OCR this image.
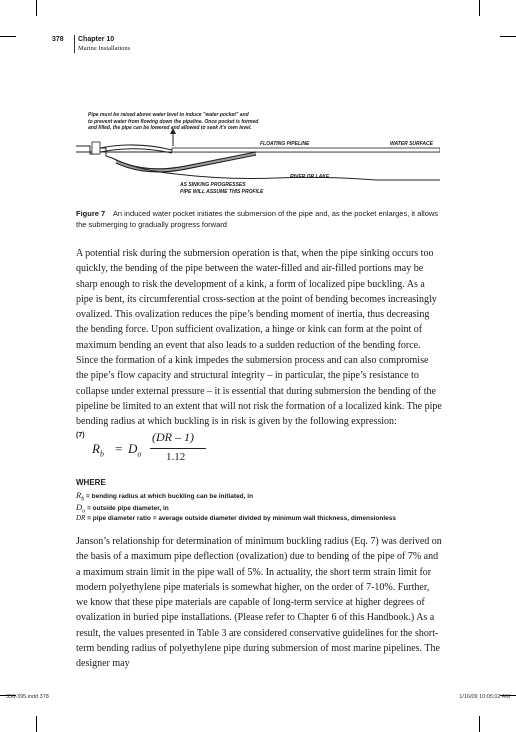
378 Chapter 10
Marine Installations
Pipe must be raised above water level to induce "water pocket" and
to prevent water from flowing down the pipeline. Once pocket is formed
and filled, the pipe can be lowered and allowed to seek it's own level.
FLOATING PIPELINE	WATER SURFACE
RIVER OR LAKE
AS SINKING PROGRESSES
PIPE WILL ASSUME THIS PROFILE
Figure 7 An induced water pocket initiates the submersion of the pipe and, as the pocket enlarges, it allows the submerging to gradually progress forward

A potential risk during the submersion operation is that, when the pipe sinking occurs too quickly, the bending of the pipe between the water-filled and air-filled portions may be sharp enough to risk the development of a kink, a form of localized pipe buckling. As a pipe is bent, its circumferential cross-section at the point of bending becomes increasingly ovalized. This ovalization reduces the pipe’s bending moment of inertia, thus decreasing the bending force. Upon sufficient ovalization, a hinge or kink can form at the point of maximum bending an event that also leads to a sudden reduction of the bending force. Since the formation of a kink impedes the submersion process and can also compromise the pipe’s flow capacity and structural integrity – in particular, the pipe’s resistance to collapse under external pressure – it is essential that during submersion the bending of the pipeline be limited to an extent that will not risk the formation of a localized kink. The pipe bending radius at which buckling is in risk is given by the following expression:

(7)
$R_b = D_o$
(DR – 1)
1.12
WHERE
$R_b$ = bending radius at which buckling can be initiated, in
$D_o$ = outside pipe diameter, in
DR = pipe diameter ratio = average outside diameter divided by minimum wall thickness, dimensionless

Janson’s relationship for determination of minimum buckling radius (Eq. 7) was derived on the basis of a maximum pipe deflection (ovalization) due to bending of the pipe of 7% and a maximum strain limit in the pipe wall of 5%. In actuality, the short term strain limit for modern polyethylene pipe materials is somewhat higher, on the order of 7-10%. Further, we know that these pipe materials are capable of long-term service at higher degrees of ovalization in buried pipe installations. (Please refer to Chapter 6 of this Handbook.) As a result, the values presented in Table 3 are considered conservative guidelines for the short-term bending radius of polyethylene pipe during submersion of most marine pipelines. The designer may

358-395.indd 378	1/16/09 10:05:02 AM
